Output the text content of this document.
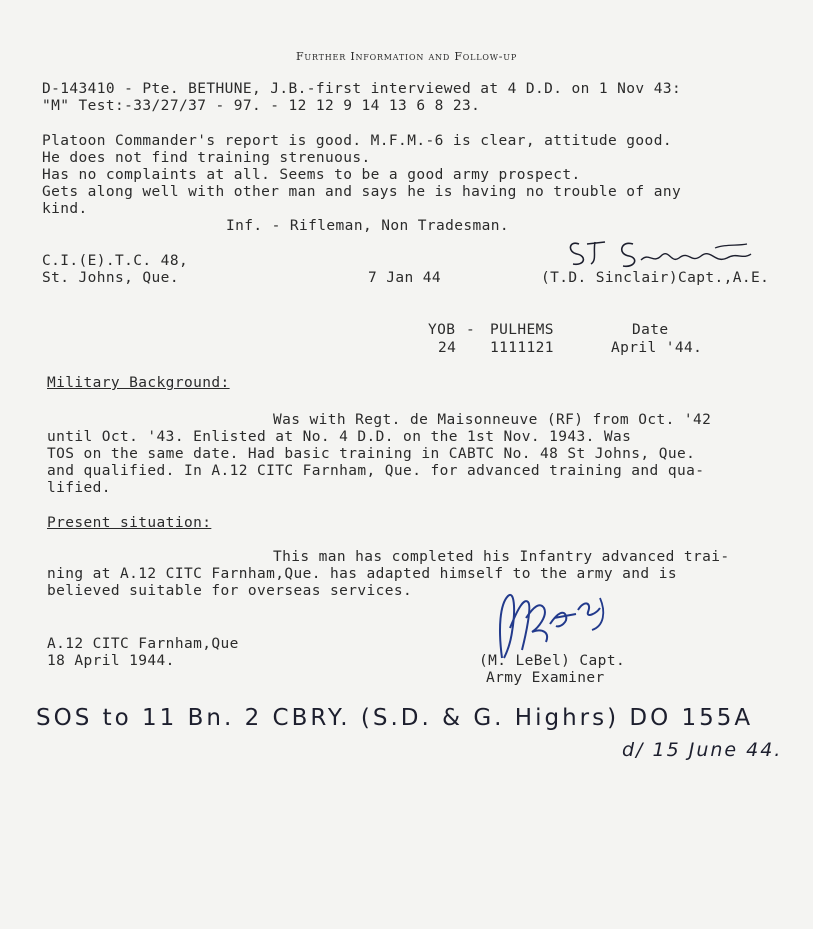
Further Information and Follow-up
D-143410 - Pte. BETHUNE, J.B.-first interviewed at 4 D.D. on 1 Nov 43:
"M" Test:-33/27/37 - 97. - 12 12 9 14 13 6 8 23.
Platoon Commander's report is good. M.F.M.-6 is clear, attitude good.
He does not find training strenuous.
Has no complaints at all. Seems to be a good army prospect.
Gets along well with other man and says he is having no trouble of any
kind.
Inf. - Rifleman, Non Tradesman.
C.I.(E).T.C. 48,
St. Johns, Que.	7 Jan 44	(T.D. Sinclair)Capt.,A.E.
YOB - PULHEMS	Date
24 1111121	April '44.
Military Background:
Was with Regt. de Maisonneuve (RF) from Oct. '42
until Oct. '43. Enlisted at No. 4 D.D. on the 1st Nov. 1943. Was
TOS on the same date. Had basic training in CABTC No. 48 St Johns, Que.
and qualified. In A.12 CITC Farnham, Que. for advanced training and qua-
lified.
Present situation:
This man has completed his Infantry advanced trai-
ning at A.12 CITC Farnham,Que. has adapted himself to the army and is
believed suitable for overseas services.
A.12 CITC Farnham,Que
18 April 1944.	(M. LeBel) Capt.
Army Examiner
SOS to 11 Bn. 2 CBRY. (S.D. & G. Highrs) DO 155A
d/ 15 June 44.
